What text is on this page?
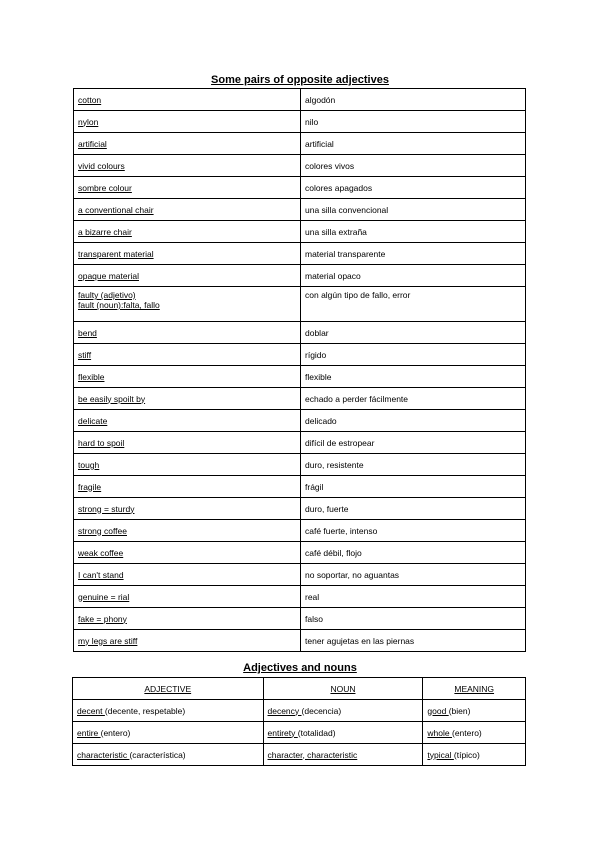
Some pairs of opposite adjectives
cotton	algodón
nylon	nilo
artificial	artificial
vivid colours	colores vivos
sombre colour	colores apagados
a conventional chair	una silla convencional
a bizarre chair	una silla extraña
transparent material	material transparente
opaque material	material opaco

faulty (adjetivo)
fault (noun):falta, fallo	con algún tipo de fallo, error
bend	doblar
stiff	rígido
flexible	flexible
be easily spoilt by	echado a perder fácilmente
delicate	delicado
hard to spoil	difícil de estropear
tough	duro, resistente
fragile	frágil
strong = sturdy	duro, fuerte
strong coffee	café fuerte, intenso
weak coffee	café débil, flojo
I can't stand	no soportar, no aguantas
genuine = rial	real
fake = phony	falso
my legs are stiff	tener agujetas en las piernas
Adjectives and nouns
ADJECTIVE	NOUN	MEANING
decent (decente, respetable)	decency (decencia)	good (bien)
entire (entero)	entirety (totalidad)	whole (entero)
characteristic (característica)	character, characteristic	typical (típico)
